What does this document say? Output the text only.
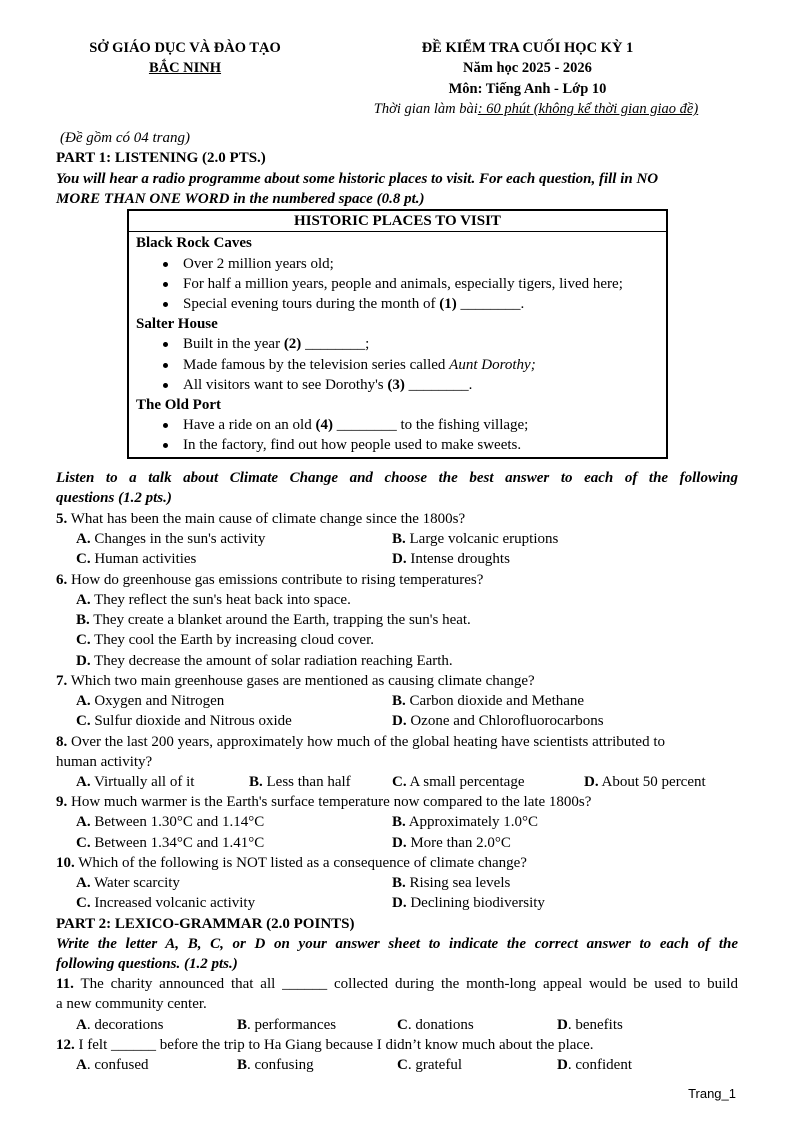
SỞ GIÁO DỤC VÀ ĐÀO TẠO
BẮC NINH
ĐỀ KIỂM TRA CUỐI HỌC KỲ 1
Năm học 2025 - 2026
Môn: Tiếng Anh - Lớp 10
Thời gian làm bài: 60 phút (không kể thời gian giao đề)
(Đề gồm có 04 trang)
PART 1: LISTENING (2.0 PTS.)
You will hear a radio programme about some historic places to visit. For each question, fill in NO
MORE THAN ONE WORD in the numbered space (0.8 pt.)
HISTORIC PLACES TO VISIT
Black Rock Caves
Over 2 million years old;
For half a million years, people and animals, especially tigers, lived here;
Special evening tours during the month of (1) ________.
Salter House
Built in the year (2) ________;
Made famous by the television series called Aunt Dorothy;
All visitors want to see Dorothy's (3) ________.
The Old Port
Have a ride on an old (4) ________ to the fishing village;
In the factory, find out how people used to make sweets.
Listen to a talk about Climate Change and choose the best answer to each of the following
questions (1.2 pts.)
5. What has been the main cause of climate change since the 1800s?
A. Changes in the sun's activity	B. Large volcanic eruptions
C. Human activities	D. Intense droughts
6. How do greenhouse gas emissions contribute to rising temperatures?
A. They reflect the sun's heat back into space.
B. They create a blanket around the Earth, trapping the sun's heat.
C. They cool the Earth by increasing cloud cover.
D. They decrease the amount of solar radiation reaching Earth.
7. Which two main greenhouse gases are mentioned as causing climate change?
A. Oxygen and Nitrogen	B. Carbon dioxide and Methane
C. Sulfur dioxide and Nitrous oxide	D. Ozone and Chlorofluorocarbons
8. Over the last 200 years, approximately how much of the global heating have scientists attributed to
human activity?
A. Virtually all of it	B. Less than half	C. A small percentage	D. About 50 percent
9. How much warmer is the Earth's surface temperature now compared to the late 1800s?
A. Between 1.30°C and 1.14°C	B. Approximately 1.0°C
C. Between 1.34°C and 1.41°C	D. More than 2.0°C
10. Which of the following is NOT listed as a consequence of climate change?
A. Water scarcity	B. Rising sea levels
C. Increased volcanic activity	D. Declining biodiversity
PART 2: LEXICO-GRAMMAR (2.0 POINTS)
Write the letter A, B, C, or D on your answer sheet to indicate the correct answer to each of the
following questions. (1.2 pts.)
11. The charity announced that all ______ collected during the month-long appeal would be used to build
a new community center.
A. decorations	B. performances	C. donations	D. benefits
12. I felt ______ before the trip to Ha Giang because I didn’t know much about the place.
A. confused	B. confusing	C. grateful	D. confident
Trang_1
